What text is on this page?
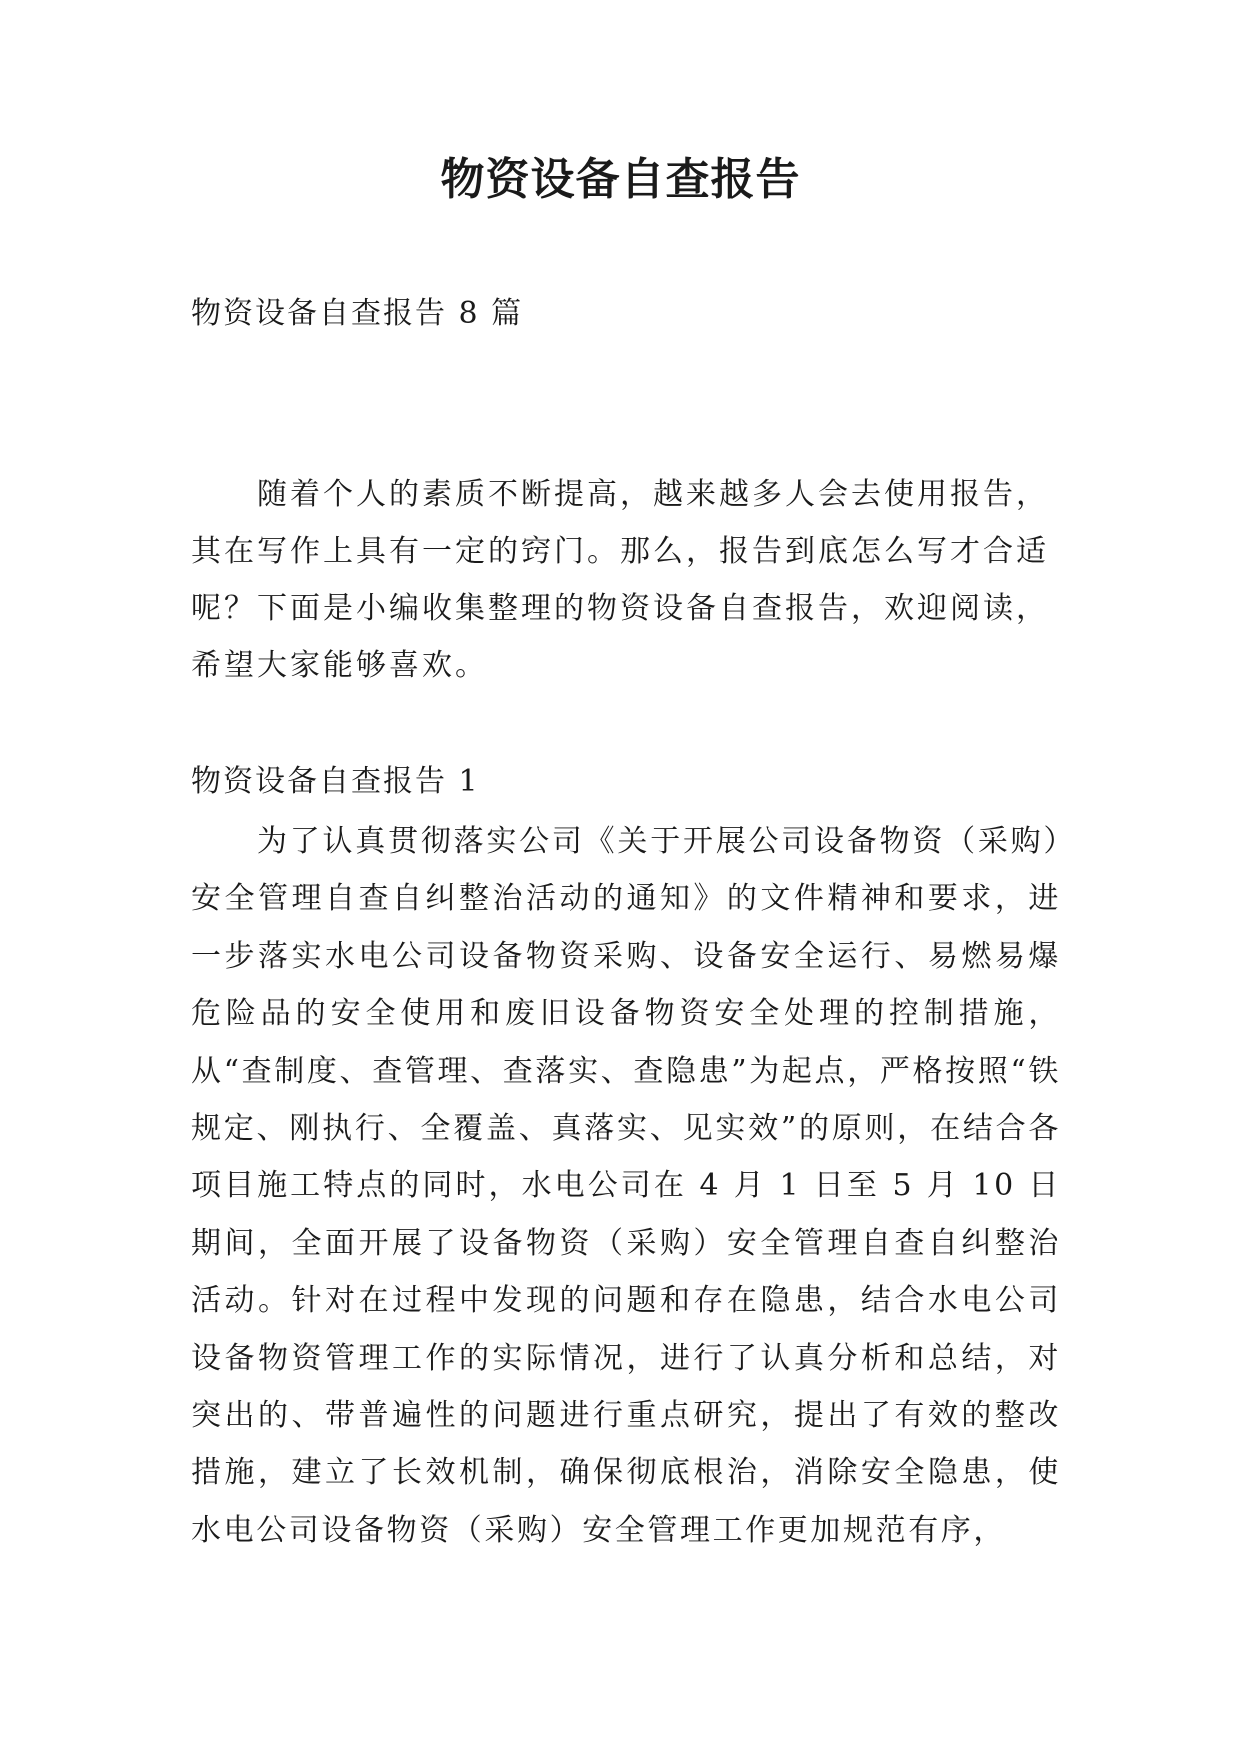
物资设备自查报告
物资设备自查报告 8 篇

随着个人的素质不断提高，越来越多人会去使用报告，其在写作上具有一定的窍门。那么，报告到底怎么写才合适呢？下面是小编收集整理的物资设备自查报告，欢迎阅读，希望大家能够喜欢。

物资设备自查报告 1

为了认真贯彻落实公司《关于开展公司设备物资（采购）安全管理自查自纠整治活动的通知》的文件精神和要求，进一步落实水电公司设备物资采购、设备安全运行、易燃易爆危险品的安全使用和废旧设备物资安全处理的控制措施，从“查制度、查管理、查落实、查隐患”为起点，严格按照“铁规定、刚执行、全覆盖、真落实、见实效”的原则，在结合各项目施工特点的同时，水电公司在 4 月 1 日至 5 月 10 日期间，全面开展了设备物资（采购）安全管理自查自纠整治活动。针对在过程中发现的问题和存在隐患，结合水电公司设备物资管理工作的实际情况，进行了认真分析和总结，对突出的、带普遍性的问题进行重点研究，提出了有效的整改措施，建立了长效机制，确保彻底根治，消除安全隐患，使水电公司设备物资（采购）安全管理工作更加规范有序，
